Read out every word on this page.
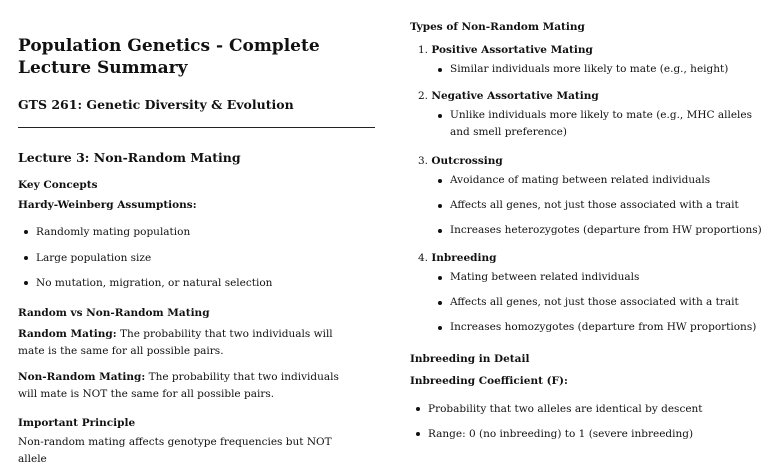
Population Genetics - Complete Lecture Summary
GTS 261: Genetic Diversity & Evolution
Lecture 3: Non-Random Mating
Key Concepts
Hardy-Weinberg Assumptions:
Randomly mating population
Large population size
No mutation, migration, or natural selection
Random vs Non-Random Mating

Random Mating: The probability that two individuals will mate is the same for all possible pairs.

Non-Random Mating: The probability that two individuals will mate is NOT the same for all possible pairs.

Important Principle

Non-random mating affects genotype frequencies but NOT allele

Types of Non-Random Mating
1. Positive Assortative Mating
Similar individuals more likely to mate (e.g., height)
2. Negative Assortative Mating
Unlike individuals more likely to mate (e.g., MHC alleles and smell preference)
3. Outcrossing
Avoidance of mating between related individuals
Affects all genes, not just those associated with a trait
Increases heterozygotes (departure from HW proportions)
4. Inbreeding
Mating between related individuals
Affects all genes, not just those associated with a trait
Increases homozygotes (departure from HW proportions)
Inbreeding in Detail
Inbreeding Coefficient (F):
Probability that two alleles are identical by descent
Range: 0 (no inbreeding) to 1 (severe inbreeding)
